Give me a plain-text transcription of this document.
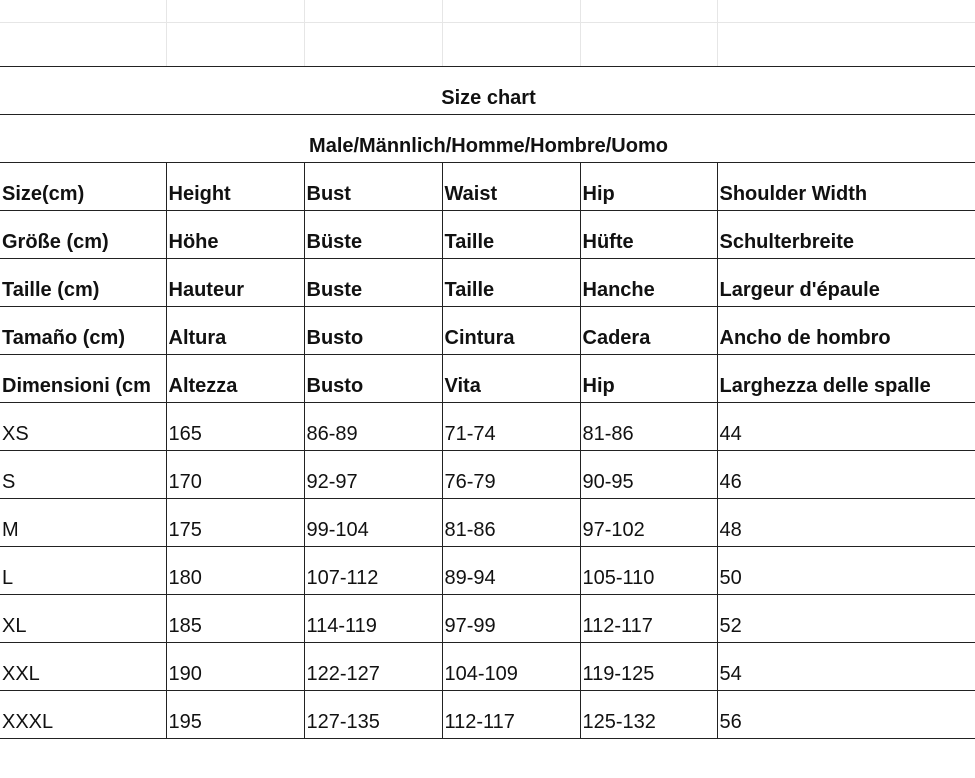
Size chart					
Male/Männlich/Homme/Hombre/Uomo					
Size(cm)	Height	Bust	Waist	Hip	Shoulder Width
Größe (cm)	Höhe	Büste	Taille	Hüfte	Schulterbreite
Taille (cm)	Hauteur	Buste	Taille	Hanche	Largeur d'épaule
Tamaño (cm)	Altura	Busto	Cintura	Cadera	Ancho de hombro
Dimensioni (cm	Altezza	Busto	Vita	Hip	Larghezza delle spalle
XS	165	86-89	71-74	81-86	44
S	170	92-97	76-79	90-95	46
M	175	99-104	81-86	97-102	48
L	180	107-112	89-94	105-110	50
XL	185	114-119	97-99	112-117	52
XXL	190	122-127	104-109	119-125	54
XXXL	195	127-135	112-117	125-132	56
